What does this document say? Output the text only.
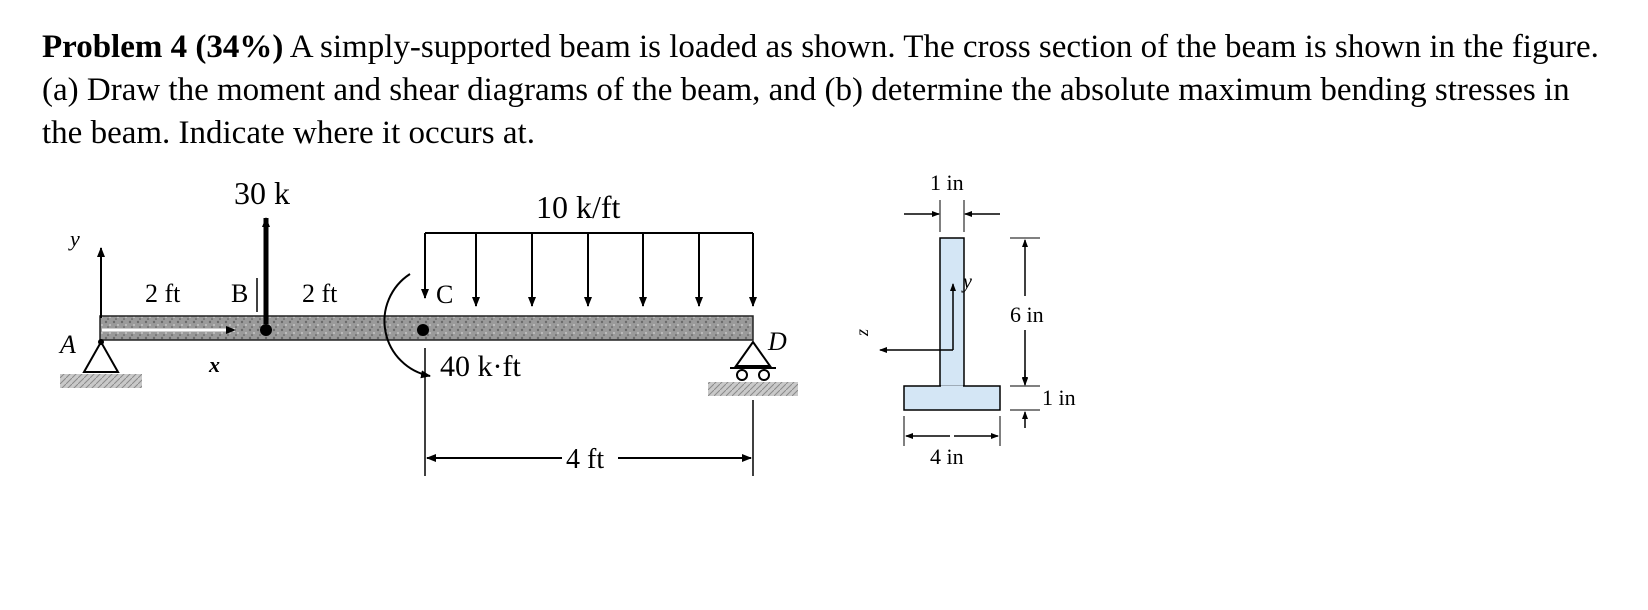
Problem 4 (34%) A simply-supported beam is loaded as shown. The cross section of the beam is shown in the figure. (a) Draw the moment and shear diagrams of the beam, and (b) determine the absolute maximum bending stresses in the beam. Indicate where it occurs at.
x
y
A
30 k
B
2 ft	2 ft
40 k·ft
C
10 k/ft
D
4 ft
y
z
1 in
6 in
1 in
4 in
